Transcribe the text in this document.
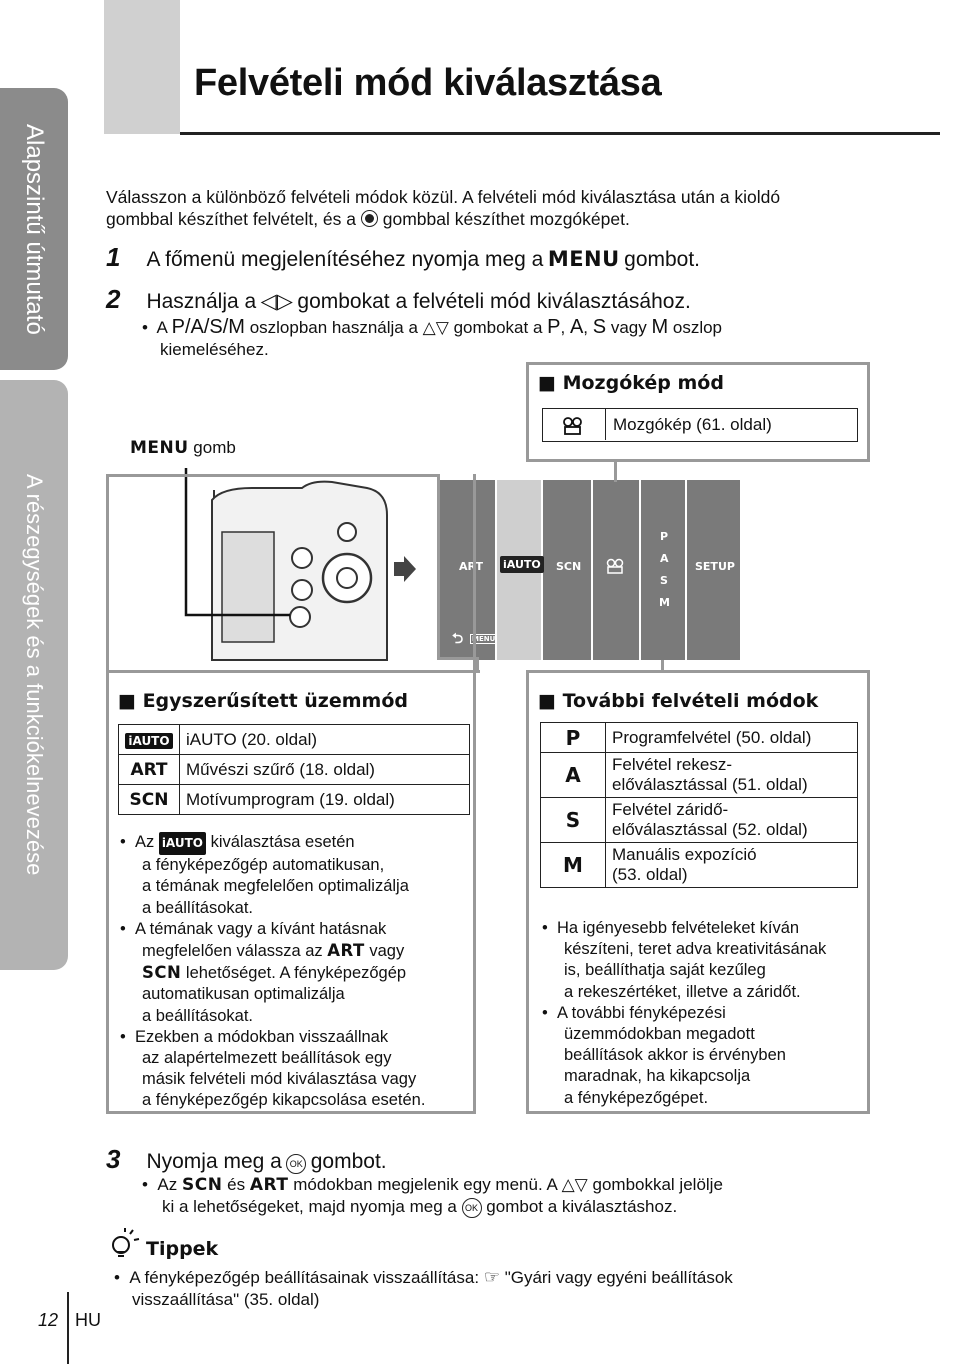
Alapszintű útmutató
A részegységek és a funkciók
elnevezése
Felvételi mód kiválasztása
Válasszon a különböző felvételi módok közül. A felvételi mód kiválasztása után a kioldó
gombbal készíthet felvételt, és a gombbal készíthet mozgóképet.
1 A főmenü megjelenítéséhez nyomja meg a MENU gombot.
2 Használja a ◁▷ gombokat a felvételi mód kiválasztásához.
• A P/A/S/M oszlopban használja a △▽ gombokat a P, A, S vagy M oszlop
kiemeléséhez.
MENU gomb
ART iAUTO SCN
P
A
S
M
SETUP
⮌ MENU
■ Mozgókép mód
Mozgókép (61. oldal)
■ Egyszerűsített üzemmód
iAUTO	iAUTO (20. oldal)
ART	Művészi szűrő (18. oldal)
SCN	Motívumprogram (19. oldal)
•  Az iAUTO kiválasztása esetén
a fényképezőgép automatikusan,
a témának megfelelően optimalizálja
a beállításokat.
•  A témának vagy a kívánt hatásnak
megfelelően válassza az ART vagy
SCN lehetőséget. A fényképezőgép
automatikusan optimalizálja
a beállításokat.
•  Ezekben a módokban visszaállnak
az alapértelmezett beállítások egy
másik felvételi mód kiválasztása vagy
a fényképezőgép kikapcsolása esetén.
■ További felvételi módok
P	Programfelvétel (50. oldal)
A	Felvétel rekesz-
előválasztással (51. oldal)

S	Felvétel záridő-
előválasztással (52. oldal)

M	Manuális expozíció
(53. oldal)
•  Ha igényesebb felvételeket kíván
készíteni, teret adva kreativitásának
is, beállíthatja saját kezűleg
a rekeszértéket, illetve a záridőt.
•  A további fényképezési
üzemmódokban megadott
beállítások akkor is érvényben
maradnak, ha kikapcsolja
a fényképezőgépet.
3 Nyomja meg a OK gombot.
•  Az SCN és ART módokban megjelenik egy menü. A △▽ gombokkal jelölje
ki a lehetőségeket, majd nyomja meg a OK gombot a kiválasztáshoz.
Tippek
•  A fényképezőgép beállításainak visszaállítása: ☞ "Gyári vagy egyéni beállítások
visszaállítása" (35. oldal)
12 HU
